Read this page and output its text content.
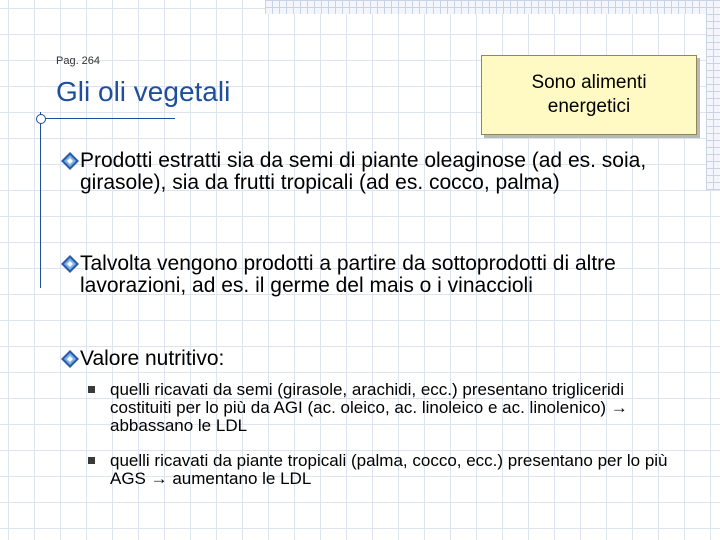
Pag. 264
Gli oli vegetali	Sono alimenti energetici
Prodotti estratti sia da semi di piante oleaginose (ad es. soia, girasole), sia da frutti tropicali (ad es. cocco, palma)
Talvolta vengono prodotti a partire da sottoprodotti di altre lavorazioni, ad es. il germe del mais o i vinaccioli
Valore nutritivo:
quelli ricavati da semi (girasole, arachidi, ecc.) presentano trigliceridi costituiti per lo più da AGI (ac. oleico, ac. linoleico e ac. linolenico) → abbassano le LDL
quelli ricavati da piante tropicali (palma, cocco, ecc.) presentano per lo più AGS → aumentano le LDL
